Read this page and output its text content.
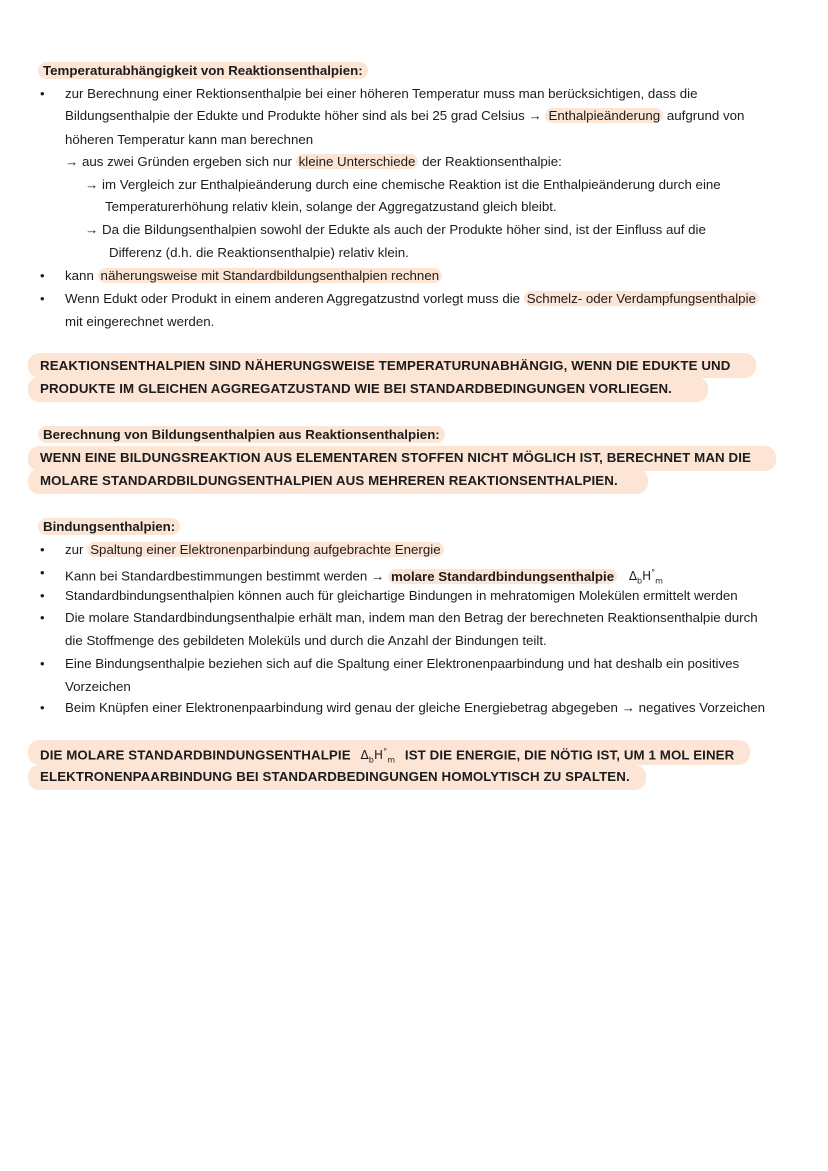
Temperaturabhängigkeit von Reaktionsenthalpien:
• zur Berechnung einer Rektionsenthalpie bei einer höheren Temperatur muss man berücksichtigen, dass die
Bildungsenthalpie der Edukte und Produkte höher sind als bei 25 grad Celsius → Enthalpieänderung aufgrund von
höheren Temperatur kann man berechnen
→ aus zwei Gründen ergeben sich nur kleine Unterschiede der Reaktionsenthalpie:
→ im Vergleich zur Enthalpieänderung durch eine chemische Reaktion ist die Enthalpieänderung durch eine
Temperaturerhöhung relativ klein, solange der Aggregatzustand gleich bleibt.
→ Da die Bildungsenthalpien sowohl der Edukte als auch der Produkte höher sind, ist der Einfluss auf die
Differenz (d.h. die Reaktionsenthalpie) relativ klein.
• kann näherungsweise mit Standardbildungsenthalpien rechnen
• Wenn Edukt oder Produkt in einem anderen Aggregatzustnd vorlegt muss die Schmelz- oder Verdampfungsenthalpie
mit eingerechnet werden.
REAKTIONSENTHALPIEN SIND NÄHERUNGSWEISE TEMPERATURUNABHÄNGIG, WENN DIE EDUKTE UND
PRODUKTE IM GLEICHEN AGGREGATZUSTAND WIE BEI STANDARDBEDINGUNGEN VORLIEGEN.
Berechnung von Bildungsenthalpien aus Reaktionsenthalpien:
WENN EINE BILDUNGSREAKTION AUS ELEMENTAREN STOFFEN NICHT MÖGLICH IST, BERECHNET MAN DIE
MOLARE STANDARDBILDUNGSENTHALPIEN AUS MEHREREN REAKTIONSENTHALPIEN.
Bindungsenthalpien:
• zur Spaltung einer Elektronenparbindung aufgebrachte Energie
• Kann bei Standardbestimmungen bestimmt werden → molare Standardbindungsenthalpie $\Delta_bH^\circ_m$
• Standardbindungsenthalpien können auch für gleichartige Bindungen in mehratomigen Molekülen ermittelt werden
• Die molare Standardbindungsenthalpie erhält man, indem man den Betrag der berechneten Reaktionsenthalpie durch
die Stoffmenge des gebildeten Moleküls und durch die Anzahl der Bindungen teilt.
• Eine Bindungsenthalpie beziehen sich auf die Spaltung einer Elektronenpaarbindung und hat deshalb ein positives
Vorzeichen
• Beim Knüpfen einer Elektronenpaarbindung wird genau der gleiche Energiebetrag abgegeben → negatives Vorzeichen
DIE MOLARE STANDARDBINDUNGSENTHALPIE $\Delta_bH^\circ_m$ IST DIE ENERGIE, DIE NÖTIG IST, UM 1 MOL EINER
ELEKTRONENPAARBINDUNG BEI STANDARDBEDINGUNGEN HOMOLYTISCH ZU SPALTEN.
